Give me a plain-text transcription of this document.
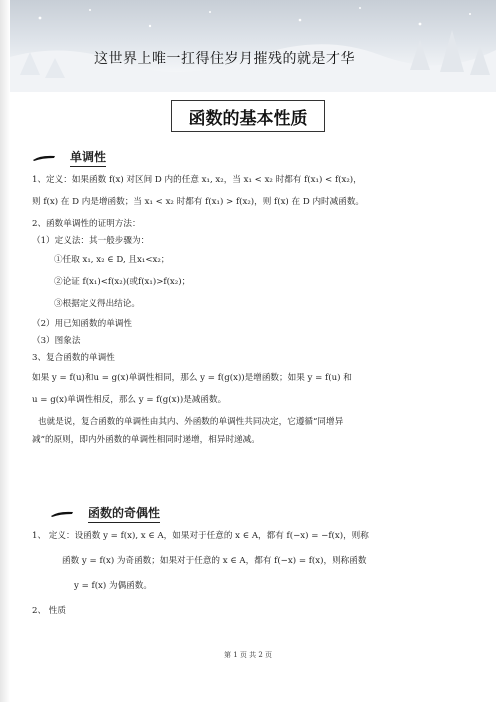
这世界上唯一扛得住岁月摧残的就是才华
函数的基本性质
单调性
1、定义：如果函数 f(x) 对区间 D 内的任意 x₁, x₂，当 x₁ < x₂ 时都有 f(x₁) < f(x₂)，
则 f(x) 在 D 内是增函数；当 x₁ < x₂ 时都有 f(x₁) > f(x₂)，则 f(x) 在 D 内时减函数。
2、函数单调性的证明方法：
（1）定义法：其一般步骤为：
①任取 x₁, x₂ ∈ D, 且x₁<x₂；
②论证 f(x₁)<f(x₂)(或f(x₁)>f(x₂)；
③根据定义得出结论。
（2）用已知函数的单调性
（3）图象法
3、复合函数的单调性
如果 y = f(u)和u = g(x)单调性相同，那么 y = f(g(x))是增函数；如果 y = f(u) 和
u = g(x)单调性相反，那么 y = f(g(x))是减函数。
也就是说，复合函数的单调性由其内、外函数的单调性共同决定，它遵循“同增异
减”的原则，即内外函数的单调性相同时递增，相异时递减。
函数的奇偶性
1、 定义：设函数 y = f(x), x ∈ A，如果对于任意的 x ∈ A，都有 f(−x) = −f(x)，则称
函数 y = f(x) 为奇函数；如果对于任意的 x ∈ A，都有 f(−x) = f(x)，则称函数
y = f(x) 为偶函数。
2、 性质
第 1 页 共 2 页
